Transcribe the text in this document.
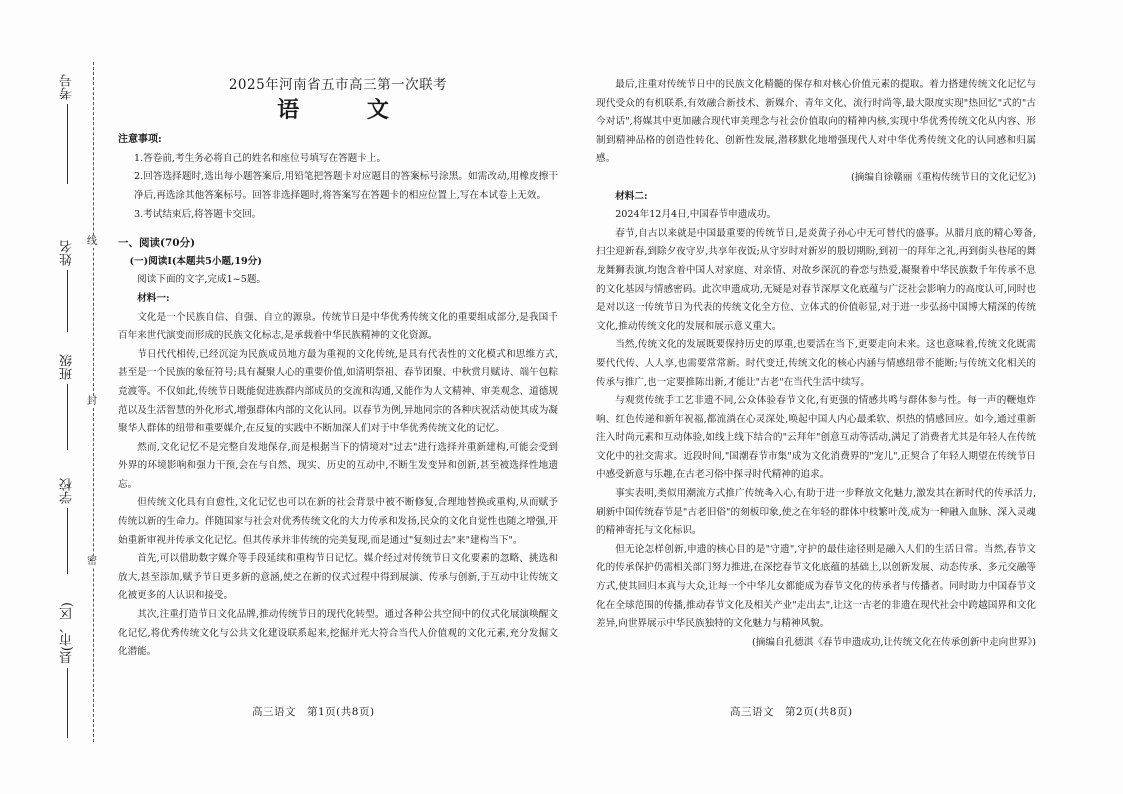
密
封
线
考号
姓名
班级
学校
县(市、区)
2025年河南省五市高三第一次联考
语 文
注意事项:

1.答卷前,考生务必将自己的姓名和座位号填写在答题卡上。

2.回答选择题时,选出每小题答案后,用铅笔把答题卡对应题目的答案标号涂黑。如需改动,用橡皮擦干净后,再选涂其他答案标号。回答非选择题时,将答案写在答题卡的相应位置上,写在本试卷上无效。

3.考试结束后,将答题卡交回。

一、阅读(70分)

(一)阅读Ⅰ(本题共5小题,19分)

阅读下面的文字,完成1~5题。

材料一:

文化是一个民族自信、自强、自立的源泉。传统节日是中华优秀传统文化的重要组成部分,是我国千百年来世代演变而形成的民族文化标志,是承载着中华民族精神的文化资源。

节日代代相传,已经沉淀为民族成员地方最为重视的文化传统,是具有代表性的文化模式和思维方式,甚至是一个民族的象征符号;具有凝聚人心的重要价值,如清明祭祖、春节团聚、中秋赏月赋诗、端午包粽竞渡等。不仅如此,传统节日既能促进族群内部成员的交流和沟通,又能作为人文精神、审美观念、道德规范以及生活智慧的外化形式,增强群体内部的文化认同。以春节为例,异地同宗的各种庆祝活动使其成为凝聚华人群体的纽带和重要媒介,在反复的实践中不断加深人们对于中华优秀传统文化的记忆。

然而,文化记忆不是完整自发地保存,而是根据当下的情境对"过去"进行选择并重新建构,可能会受到外界的环境影响和强力干预,会在与自然、现实、历史的互动中,不断生发变异和创新,甚至被选择性地遗忘。

但传统文化具有自愈性,文化记忆也可以在新的社会背景中被不断修复,合理地替换或重构,从而赋予传统以新的生命力。伴随国家与社会对优秀传统文化的大力传承和发扬,民众的文化自觉性也随之增强,开始重新审视并传承文化记忆。但其传承并非传统的完美复现,而是通过"复刻过去"来"建构当下"。

首先,可以借助数字媒介等手段延续和重构节日记忆。媒介经过对传统节日文化要素的忽略、挑选和放大,甚至添加,赋予节日更多新的意涵,使之在新的仪式过程中得到展演、传承与创新,于互动中让传统文化被更多的人认识和接受。

其次,注重打造节日文化品牌,推动传统节日的现代化转型。通过各种公共空间中的仪式化展演唤醒文化记忆,将优秀传统文化与公共文化建设联系起来,挖掘并光大符合当代人价值观的文化元素,充分发掘文化潜能。

最后,注重对传统节日中的民族文化精髓的保存和对核心价值元素的提取。着力搭建传统文化记忆与现代受众的有机联系,有效融合新技术、新媒介、青年文化、流行时尚等,最大限度实现"热回忆"式的"古今对话",将媒其中更加融合现代审美理念与社会价值取向的精神内核,实现中华优秀传统文化从内容、形制到精神品格的创造性转化、创新性发展,潜移默化地增强现代人对中华优秀传统文化的认同感和归属感。

(摘编自徐赣丽《重构传统节日的文化记忆》)

材料二:

2024年12月4日,中国春节申遗成功。

春节,自古以来就是中国最重要的传统节日,是炎黄子孙心中无可替代的盛事。从腊月底的精心筹备,扫尘迎新春,到除夕夜守岁,共享年夜饭;从守岁时对新岁的殷切期盼,到初一的拜年之礼,再到街头巷尾的舞龙舞狮表演,均饱含着中国人对家庭、对亲情、对故乡深沉的眷恋与热爱,凝聚着中华民族数千年传承不息的文化基因与情感密码。此次申遗成功,无疑是对春节深厚文化底蕴与广泛社会影响力的高度认可,同时也是对以这一传统节日为代表的传统文化全方位、立体式的价值彰显,对于进一步弘扬中国博大精深的传统文化,推动传统文化的发展和展示意义重大。

当然,传统文化的发展既要保持历史的厚重,也要活在当下,更要走向未来。这也意味着,传统文化既需要代代传、人人享,也需要常常新。时代变迁,传统文化的核心内涵与情感纽带不能断;与传统文化相关的传承与推广,也一定要推陈出新,才能让"古老"在当代生活中续写。

与观赏传统手工艺非遗不同,公众体验春节文化,有更强的情感共鸣与群体参与性。每一声的鞭炮炸响、红色传递和新年祝福,都流淌在心灵深处,唤起中国人内心最柔软、炽热的情感回应。如今,通过重新注入时尚元素和互动体验,如线上线下结合的"云拜年"创意互动等活动,满足了消费者尤其是年轻人在传统文化中的社交需求。近段时间,"国潮春节市集"成为文化消费界的"宠儿",正契合了年轻人期望在传统节日中感受新意与乐趣,在古老习俗中探寻时代精神的追求。

事实表明,类似用潮流方式推广传统촉入心,有助于进一步释放文化魅力,激发其在新时代的传承活力,刷新中国传统春节是"古老旧俗"的刻板印象,使之在年轻的群体中枝繁叶茂,成为一种融入血脉、深入灵魂的精神寄托与文化标识。

但无论怎样创新,申遗的核心目的是"守遗",守护的最佳途径则是融入人们的生活日常。当然,春节文化的传承保护仍需相关部门努力推进,在深挖春节文化底蕴的基础上,以创新发展、动态传承、多元交融等方式,使其回归本真与大众,让每一个中华儿女都能成为春节文化的传承者与传播者。同时助力中国春节文化在全球范围的传播,推动春节文化及相关产业"走出去",让这一古老的非遗在现代社会中跨越国界和文化差异,向世界展示中华民族独特的文化魅力与精神风貌。

(摘编自孔德淇《春节申遗成功,让传统文化在传承创新中走向世界》)

高三语文　第1页(共8页)	高三语文　第2页(共8页)
